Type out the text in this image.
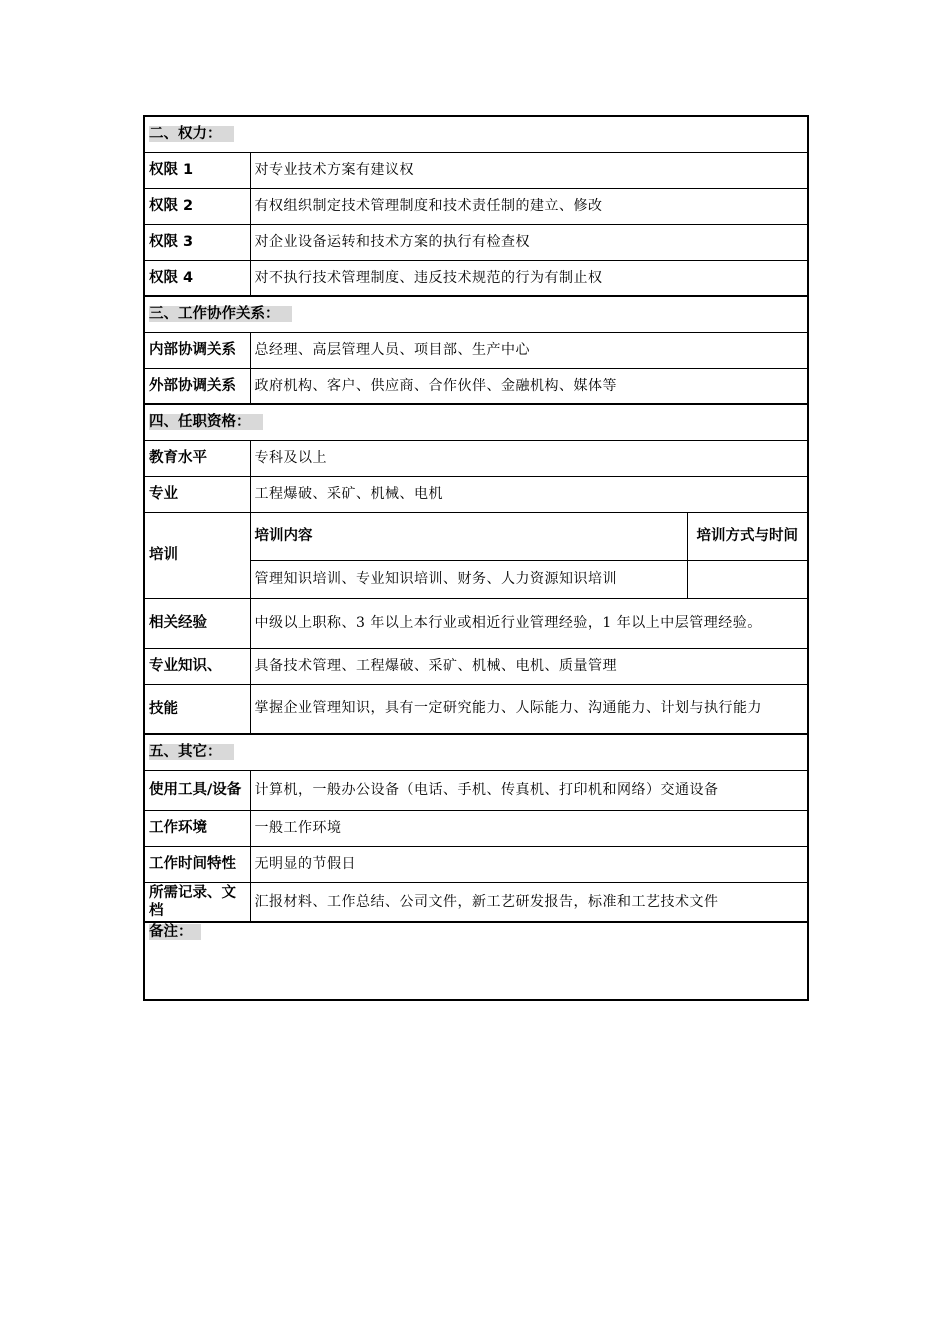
二、权力：		
权限 1	对专业技术方案有建议权	
权限 2	有权组织制定技术管理制度和技术责任制的建立、修改	
权限 3	对企业设备运转和技术方案的执行有检查权	
权限 4	对不执行技术管理制度、违反技术规范的行为有制止权	
三、工作协作关系：		
内部协调关系	总经理、高层管理人员、项目部、生产中心	
外部协调关系	政府机构、客户、供应商、合作伙伴、金融机构、媒体等	
四、任职资格：		
教育水平	专科及以上	
专业	工程爆破、采矿、机械、电机	
培训	培训内容	培训方式与时间
	管理知识培训、专业知识培训、财务、人力资源知识培训	
相关经验	中级以上职称、3 年以上本行业或相近行业管理经验，1 年以上中层管理经验。	
专业知识、	具备技术管理、工程爆破、采矿、机械、电机、质量管理	
技能	掌握企业管理知识，具有一定研究能力、人际能力、沟通能力、计划与执行能力	
五、其它：		
使用工具/设备	计算机，一般办公设备（电话、手机、传真机、打印机和网络）交通设备	
工作环境	一般工作环境	
工作时间特性	无明显的节假日	
所需记录、文档	汇报材料、工作总结、公司文件，新工艺研发报告，标准和工艺技术文件	
备注：		
